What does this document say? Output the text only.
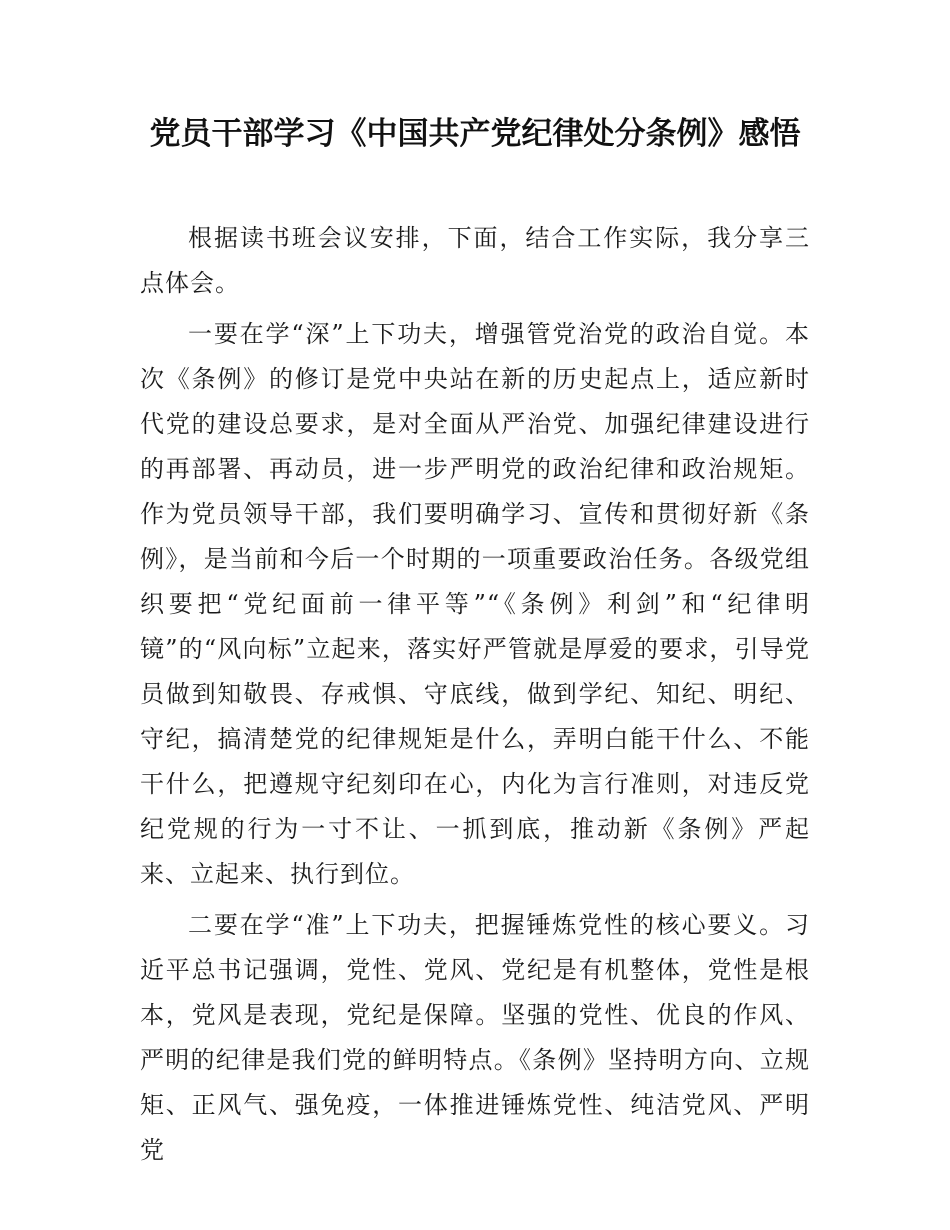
党员干部学习《中国共产党纪律处分条例》感悟

根据读书班会议安排，下面，结合工作实际，我分享三点体会。

一要在学“深”上下功夫，增强管党治党的政治自觉。本次《条例》的修订是党中央站在新的历史起点上，适应新时代党的建设总要求，是对全面从严治党、加强纪律建设进行的再部署、再动员，进一步严明党的政治纪律和政治规矩。作为党员领导干部，我们要明确学习、宣传和贯彻好新《条例》，是当前和今后一个时期的一项重要政治任务。各级党组织要把“党纪面前一律平等”“《条例》利剑”和“纪律明镜”的“风向标”立起来，落实好严管就是厚爱的要求，引导党员做到知敬畏、存戒惧、守底线，做到学纪、知纪、明纪、守纪，搞清楚党的纪律规矩是什么，弄明白能干什么、不能干什么，把遵规守纪刻印在心，内化为言行准则，对违反党纪党规的行为一寸不让、一抓到底，推动新《条例》严起来、立起来、执行到位。

二要在学“准”上下功夫，把握锤炼党性的核心要义。习近平总书记强调，党性、党风、党纪是有机整体，党性是根本，党风是表现，党纪是保障。坚强的党性、优良的作风、严明的纪律是我们党的鲜明特点。《条例》坚持明方向、立规矩、正风气、强免疫，一体推进锤炼党性、纯洁党风、严明党
